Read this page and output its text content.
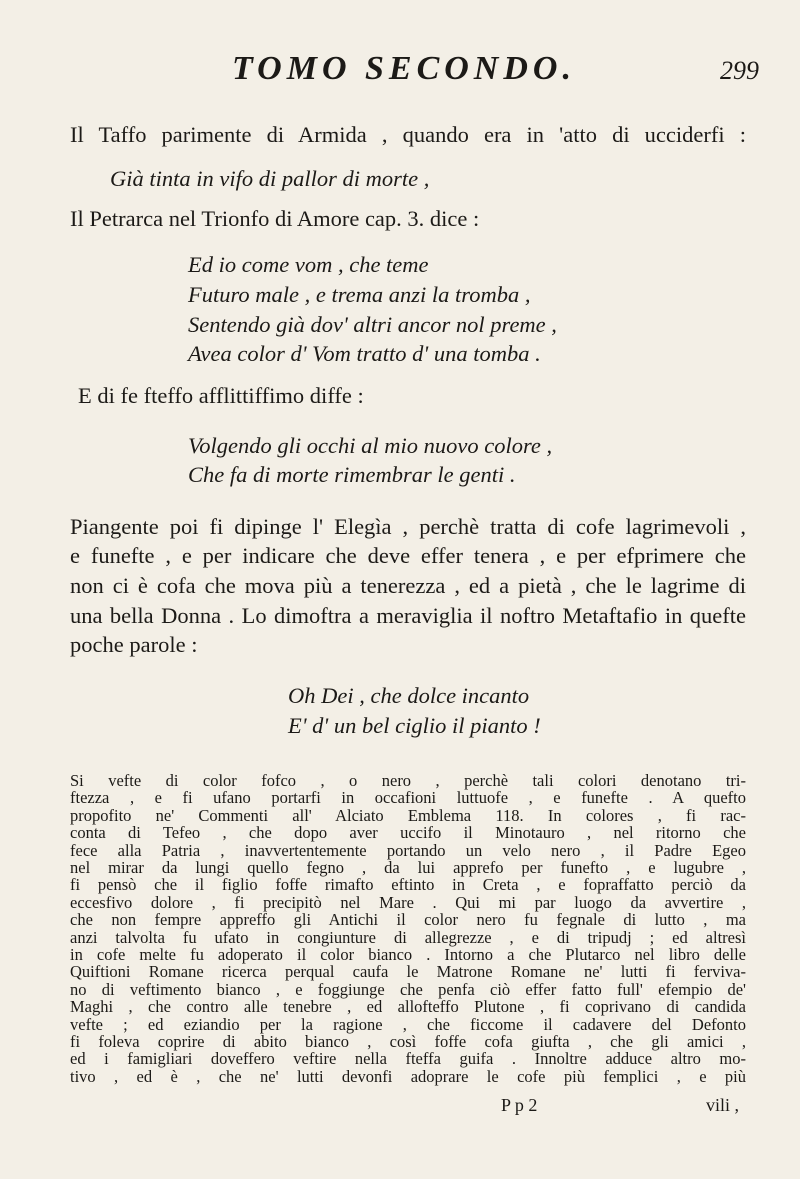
TOMO SECONDO.	299
Il Taffo parimente di Armida , quando era in 'atto di ucciderfi :
Già tinta in vifo di pallor di morte ,
Il Petrarca nel Trionfo di Amore cap. 3. dice :
Ed io come vom , che teme
Futuro male , e trema anzi la tromba ,
Sentendo già dov' altri ancor nol preme ,
Avea color d' Vom tratto d' una tomba .
E di fe fteffo afflittiffimo diffe :
Volgendo gli occhi al mio nuovo colore ,
Che fa di morte rimembrar le genti .
Piangente poi fi dipinge l' Elegìa , perchè tratta di cofe lagrimevoli ,
e funefte , e per indicare che deve effer tenera , e per efprimere che
non ci è cofa che mova più a tenerezza , ed a pietà , che le lagrime di
una bella Donna . Lo dimoftra a meraviglia il noftro Metaftafio in quefte
poche parole :
Oh Dei , che dolce incanto
E' d' un bel ciglio il pianto !
Si vefte di color fofco , o nero , perchè tali colori denotano tri-
ftezza , e fi ufano portarfi in occafioni luttuofe , e funefte . A quefto
propofito ne' Commenti all' Alciato Emblema 118. In colores , fi rac-
conta di Tefeo , che dopo aver uccifo il Minotauro , nel ritorno che
fece alla Patria , inavvertentemente portando un velo nero , il Padre Egeo
nel mirar da lungi quello fegno , da lui apprefo per funefto , e lugubre ,
fi pensò che il figlio foffe rimafto eftinto in Creta , e fopraffatto perciò da
eccesfivo dolore , fi precipitò nel Mare . Qui mi par luogo da avvertire ,
che non fempre appreffo gli Antichi il color nero fu fegnale di lutto , ma
anzi talvolta fu ufato in congiunture di allegrezze , e di tripudj ; ed altresì
in cofe melte fu adoperato il color bianco . Intorno a che Plutarco nel libro delle
Quiftioni Romane ricerca perqual caufa le Matrone Romane ne' lutti fi ferviva-
no di veftimento bianco , e foggiunge che penfa ciò effer fatto full' efempio de'
Maghi , che contro alle tenebre , ed allofteffo Plutone , fi coprivano di candida
vefte ; ed eziandio per la ragione , che ficcome il cadavere del Defonto
fi foleva coprire di abito bianco , così foffe cofa giufta , che gli amici ,
ed i famigliari doveffero veftire nella fteffa guifa . Innoltre adduce altro mo-
tivo , ed è , che ne' lutti devonfi adoprare le cofe più femplici , e più
P p 2	vili ,
